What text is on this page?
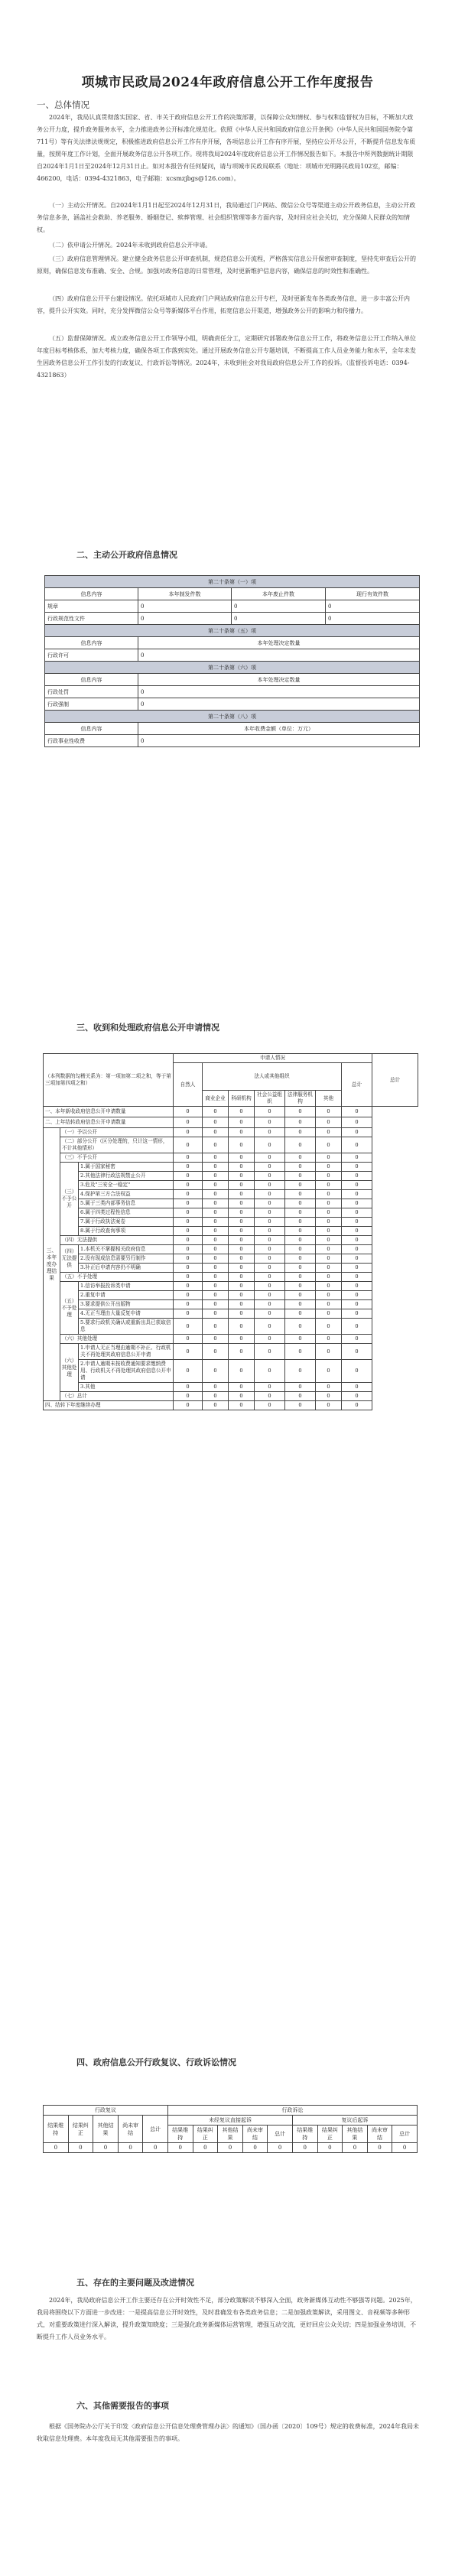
项城市民政局2024年政府信息公开工作年度报告
一、总体情况
2024年，我局认真贯彻落实国家、省、市关于政府信息公开工作的决策部署，以保障公众知情权、参与权和监督权为目标，不断加大政务公开力度，提升政务服务水平，全力推进政务公开标准化规范化。依照《中华人民共和国政府信息公开条例》（中华人民共和国国务院令第711号）等有关法律法规规定，积极推进政府信息公开工作有序开展，各项信息公开工作有序开展，坚持应公开尽公开，不断提升信息发布质量，按照年度工作计划，全面开展政务信息公开各项工作。现将我局2024年度政府信息公开工作情况报告如下。本报告中所列数据统计期限自2024年1月1日至2024年12月31日止。如对本报告有任何疑问，请与项城市民政局联系（地址：项城市光明路民政局102室，邮编：466200，电话：0394-4321863，电子邮箱：xcsmzjbgs@126.com）。
（一）主动公开情况。自2024年1月1日起至2024年12月31日，我局通过门户网站、微信公众号等渠道主动公开政务信息，主动公开政务信息多条，涵盖社会救助、养老服务、婚姻登记、殡葬管理、社会组织管理等多方面内容，及时回应社会关切，充分保障人民群众的知情权。
（二）依申请公开情况。2024年未收到政府信息公开申请。
（三）政府信息管理情况。建立健全政务信息公开审查机制，规范信息公开流程，严格落实信息公开保密审查制度，坚持先审查后公开的原则，确保信息发布准确、安全、合规。加强对政务信息的日常管理，及时更新维护信息内容，确保信息的时效性和准确性。
（四）政府信息公开平台建设情况。依托项城市人民政府门户网站政府信息公开专栏，及时更新发布各类政务信息，进一步丰富公开内容，提升公开实效。同时，充分发挥微信公众号等新媒体平台作用，拓宽信息公开渠道，增强政务公开的影响力和传播力。
（五）监督保障情况。成立政务信息公开工作领导小组，明确责任分工，定期研究部署政务信息公开工作，将政务信息公开工作纳入单位年度目标考核体系，加大考核力度，确保各项工作落到实处。通过开展政务信息公开专题培训，不断提高工作人员业务能力和水平，全年未发生因政务信息公开工作引发的行政复议、行政诉讼等情况。2024年，未收到社会对我局政府信息公开工作的投诉。（监督投诉电话：0394-4321863）
二、主动公开政府信息情况
第二十条第（一）项			
信息内容	本年制发件数	本年废止件数	现行有效件数
规章	0	0	0
行政规范性文件	0	0	0
第二十条第（五）项			
信息内容	本年处理决定数量		
行政许可	0		
第二十条第（六）项			
信息内容	本年处理决定数量		
行政处罚	0		
行政强制	0		
第二十条第（八）项			
信息内容	本年收费金额（单位：万元）		
行政事业性收费	0		
三、收到和处理政府信息公开申请情况
（本列数据的勾稽关系为：第一项加第二项之和，等于第三项加第四项之和）			申请人情况							总计
			自然人	法人或其他组织					总计	
				商业企业	科研机构	社会公益组织	法律服务机构	其他		
一、本年新收政府信息公开申请数量			0	0	0	0	0	0	0	
二、上年结转政府信息公开申请数量			0	0	0	0	0	0	0	
三、本年度办理结果	（一）予以公开		0	0	0	0	0	0	0	
	（二）部分公开（区分处理的，只计这一情形，不计其他情形）		0	0	0	0	0	0	0	
	（三）不予公开		0	0	0	0	0	0	0	
	（三）不予公开	1.属于国家秘密	0	0	0	0	0	0	0	
		2.其他法律行政法规禁止公开	0	0	0	0	0	0	0	
		3.危及"三安全一稳定"	0	0	0	0	0	0	0	
		4.保护第三方合法权益	0	0	0	0	0	0	0	
		5.属于三类内部事务信息	0	0	0	0	0	0	0	
		6.属于四类过程性信息	0	0	0	0	0	0	0	
		7.属于行政执法案卷	0	0	0	0	0	0	0	
		8.属于行政查询事项	0	0	0	0	0	0	0	
	（四）无法提供		0	0	0	0	0	0	0	
	（四）无法提供	1.本机关不掌握相关政府信息	0	0	0	0	0	0	0	
		2.没有现成信息需要另行制作	0	0	0	0	0	0	0	
		3.补正后申请内容仍不明确	0	0	0	0	0	0	0	
	（五）不予处理		0	0	0	0	0	0	0	
	（五）不予处理	1.信访举报投诉类申请	0	0	0	0	0	0	0	
		2.重复申请	0	0	0	0	0	0	0	
		3.要求提供公开出版物	0	0	0	0	0	0	0	
		4.无正当理由大量反复申请	0	0	0	0	0	0	0	
		5.要求行政机关确认或重新出具已获取信息	0	0	0	0	0	0	0	
	（六）其他处理		0	0	0	0	0	0	0	
	（六）其他处理	1.申请人无正当理由逾期不补正、行政机关不再处理其政府信息公开申请	0	0	0	0	0	0	0	
		2.申请人逾期未按收费通知要求缴纳费用、行政机关不再处理其政府信息公开申请	0	0	0	0	0	0	0	
		3.其他	0	0	0	0	0	0	0	
	（七）总计		0	0	0	0	0	0	0	
四、结转下年度继续办理			0	0	0	0	0	0	0	
四、政府信息公开行政复议、行政诉讼情况
行政复议					行政诉讼									
结果维持	结果纠正	其他结果	尚未审结	总计	未经复议直接起诉					复议后起诉				
					结果维持	结果纠正	其他结果	尚未审结	总计	结果维持	结果纠正	其他结果	尚未审结	总计
0	0	0	0	0	0	0	0	0	0	0	0	0	0	0
五、存在的主要问题及改进情况
2024年，我局政府信息公开工作主要还存在公开时效性不足，部分政策解读不够深入全面，政务新媒体互动性不够强等问题。2025年，我局将围绕以下方面进一步改进：一是提高信息公开时效性，及时准确发布各类政务信息；二是加强政策解读，采用图文、音视频等多种形式，对重要政策进行深入解读，提升政策知晓度；三是强化政务新媒体运营管理，增强互动交流，更好回应公众关切；四是加强业务培训，不断提升工作人员业务水平。
六、其他需要报告的事项
根据《国务院办公厅关于印发〈政府信息公开信息处理费管理办法〉的通知》（国办函〔2020〕109号）规定的收费标准，2024年我局未收取信息处理费。本年度我局无其他需要报告的事项。
